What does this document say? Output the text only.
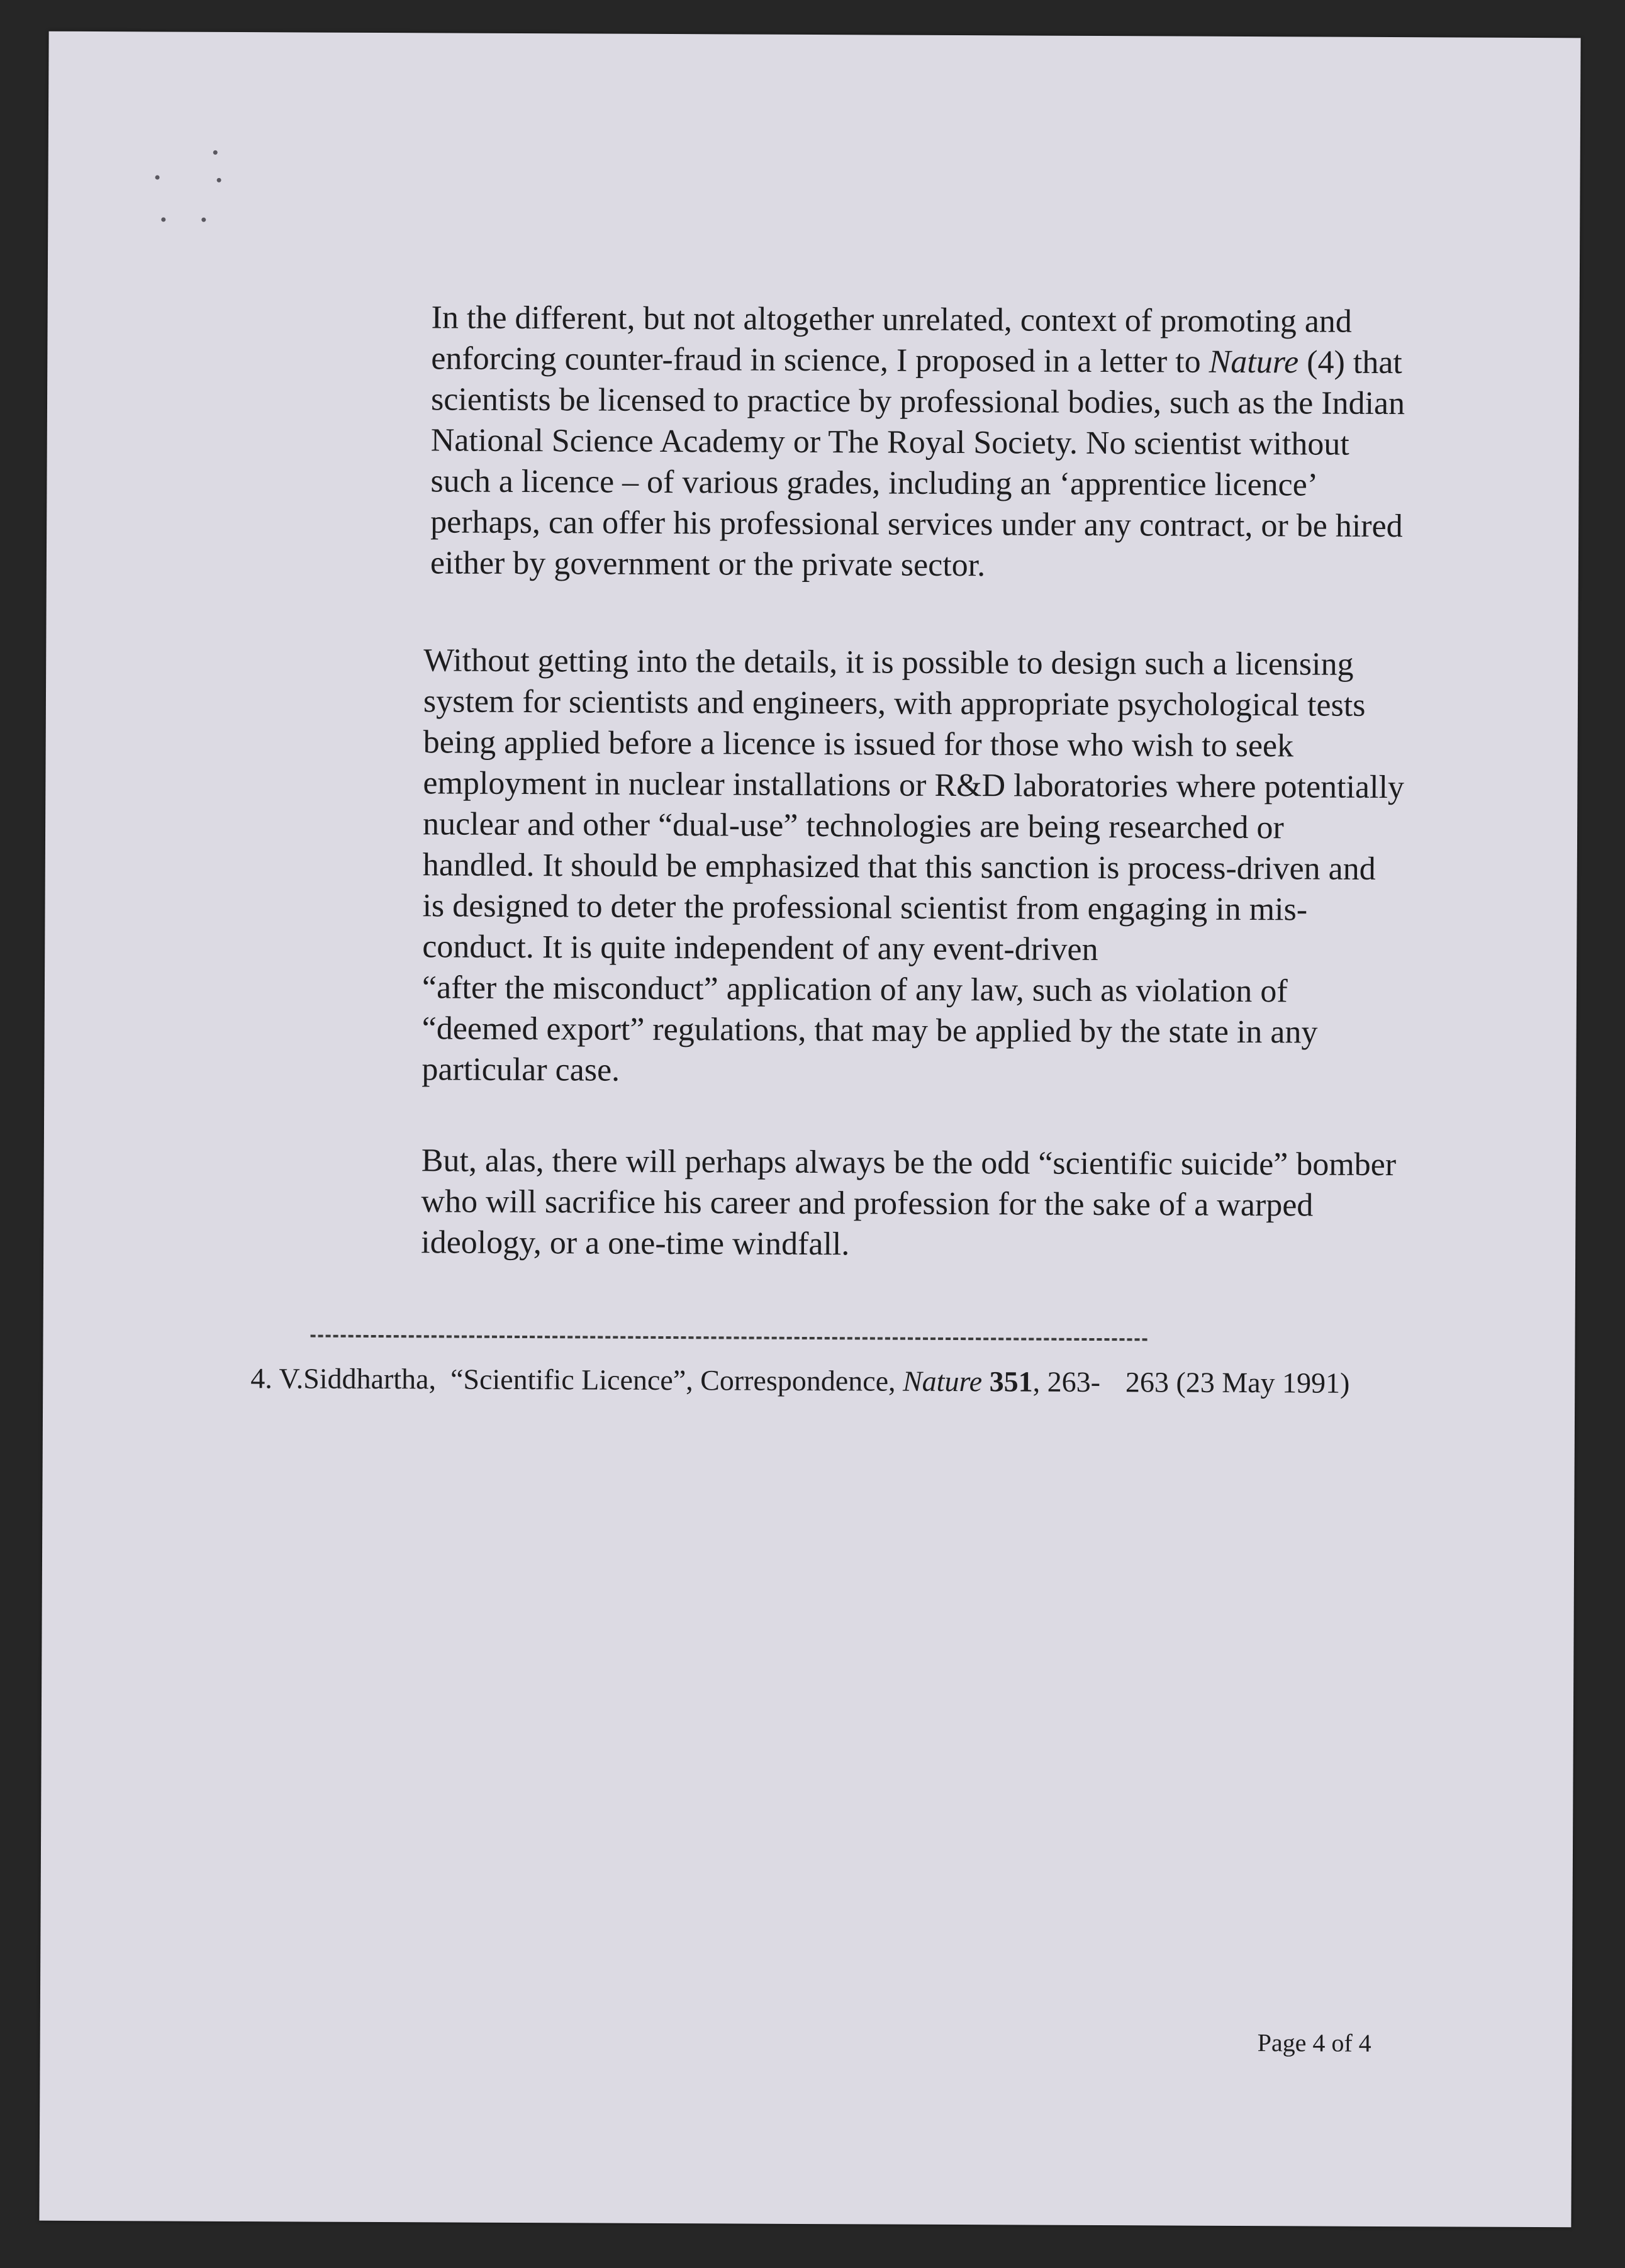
In the different, but not altogether unrelated, context of promoting and
enforcing counter-fraud in science, I proposed in a letter to Nature (4) that
scientists be licensed to practice by professional bodies, such as the Indian
National Science Academy or The Royal Society. No scientist without
such a licence – of various grades, including an ‘apprentice licence’
perhaps, can offer his professional services under any contract, or be hired
either by government or the private sector.

Without getting into the details, it is possible to design such a licensing
system for scientists and engineers, with appropriate psychological tests
being applied before a licence is issued for those who wish to seek
employment in nuclear installations or R&D laboratories where potentially
nuclear and other “dual-use” technologies are being researched or
handled. It should be emphasized that this sanction is process-driven and
is designed to deter the professional scientist from engaging in mis-
conduct. It is quite independent of any event-driven
“after the misconduct” application of any law, such as violation of
“deemed export” regulations, that may be applied by the state in any
particular case.

But, alas, there will perhaps always be the odd “scientific suicide” bomber
who will sacrifice his career and profession for the sake of a warped
ideology, or a one-time windfall.

4. V.Siddhartha, “Scientific Licence”, Correspondence, Nature 351, 263- 263 (23 May 1991)
Page 4 of 4
